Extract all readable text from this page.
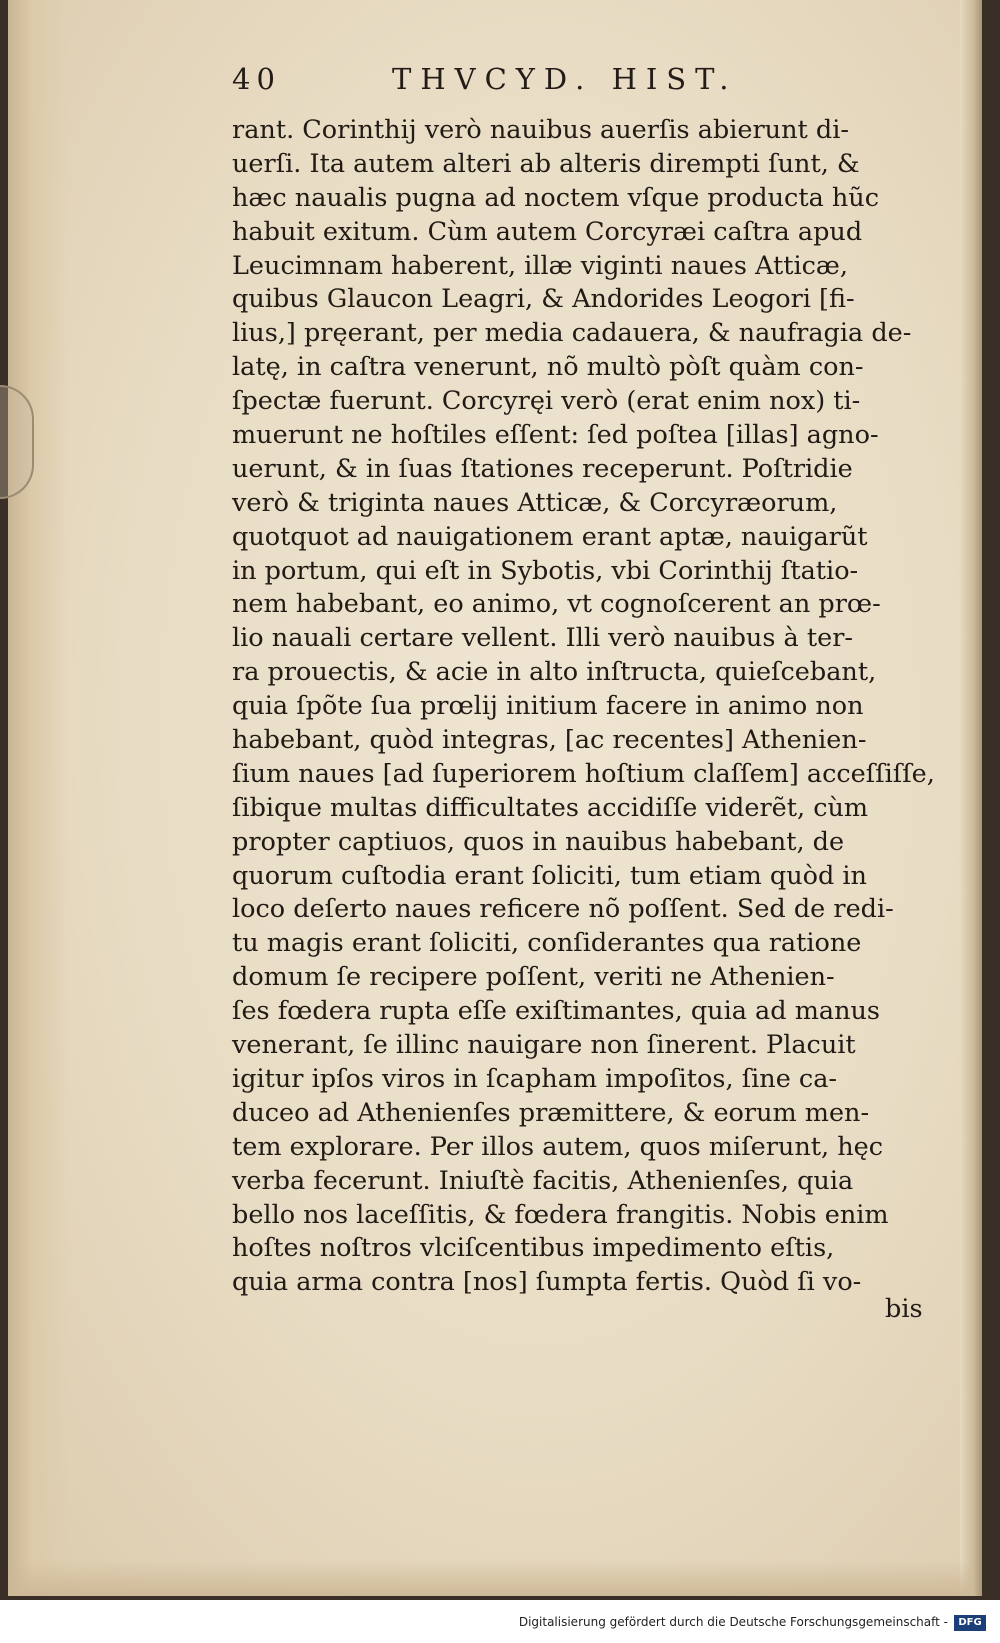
40	THVCYD. HIST.
rant. Corinthij verò nauibus auerſis abierunt di-
uerſi. Ita autem alteri ab alteris dirempti ſunt, &
hæc naualis pugna ad noctem vſque producta hũc
habuit exitum. Cùm autem Corcyræi caſtra apud
Leucimnam haberent, illæ viginti naues Atticæ,
quibus Glaucon Leagri, & Andorides Leogori [fi-
lius,] pręerant, per media cadauera, & naufragia de-
latę, in caſtra venerunt, nõ multò pòſt quàm con-
ſpectæ fuerunt. Corcyręi verò (erat enim nox) ti-
muerunt ne hoſtiles eſſent: ſed poſtea [illas] agno-
uerunt, & in ſuas ſtationes receperunt. Poſtridie
verò & triginta naues Atticæ, & Corcyræorum,
quotquot ad nauigationem erant aptæ, nauigarũt
in portum, qui eſt in Sybotis, vbi Corinthij ſtatio-
nem habebant, eo animo, vt cognoſcerent an prœ-
lio nauali certare vellent. Illi verò nauibus à ter-
ra prouectis, & acie in alto inſtructa, quieſcebant,
quia ſpõte ſua prœlij initium facere in animo non
habebant, quòd integras, [ac recentes] Athenien-
ſium naues [ad ſuperiorem hoſtium claſſem] acceſſiſſe,
ſibique multas difficultates accidiſſe viderẽt, cùm
propter captiuos, quos in nauibus habebant, de
quorum cuſtodia erant ſoliciti, tum etiam quòd in
loco deſerto naues reficere nõ poſſent. Sed de redi-
tu magis erant ſoliciti, conſiderantes qua ratione
domum ſe recipere poſſent, veriti ne Athenien-
ſes fœdera rupta eſſe exiſtimantes, quia ad manus
venerant, ſe illinc nauigare non ſinerent. Placuit
igitur ipſos viros in ſcapham impoſitos, ſine ca-
duceo ad Athenienſes præmittere, & eorum men-
tem explorare. Per illos autem, quos miſerunt, hęc
verba fecerunt. Iniuſtè facitis, Athenienſes, quia
bello nos laceſſitis, & fœdera frangitis. Nobis enim
hoſtes noſtros vlciſcentibus impedimento eſtis,
quia arma contra [nos] ſumpta fertis. Quòd ſi vo-
bis
Digitalisierung gefördert durch die Deutsche Forschungsgemeinschaft -	DFG
